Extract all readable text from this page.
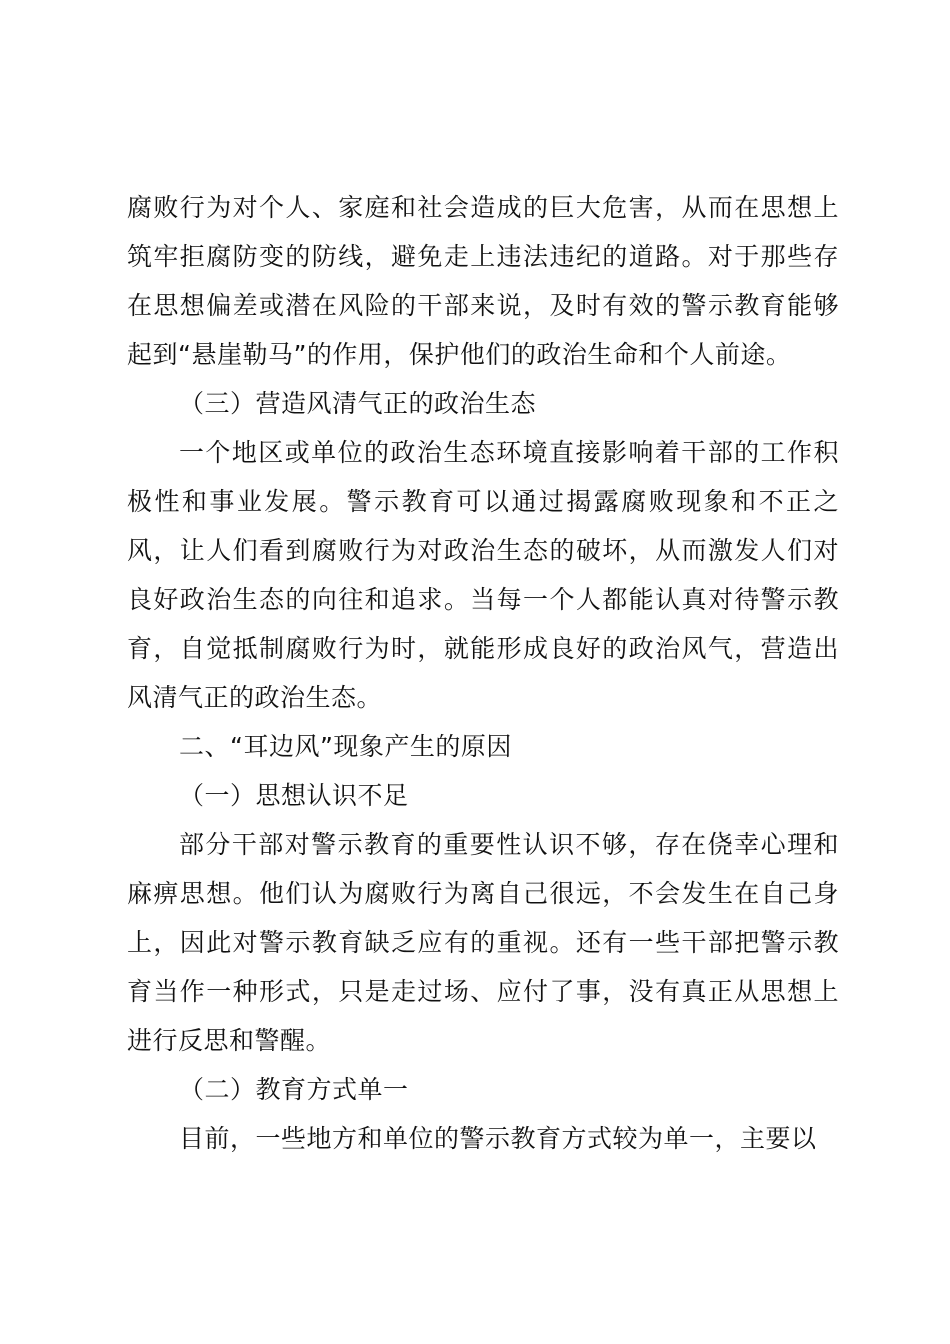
腐败行为对个人、家庭和社会造成的巨大危害，从而在思想上筑牢拒腐防变的防线，避免走上违法违纪的道路。对于那些存在思想偏差或潜在风险的干部来说，及时有效的警示教育能够起到“悬崖勒马”的作用，保护他们的政治生命和个人前途。

（三）营造风清气正的政治生态

一个地区或单位的政治生态环境直接影响着干部的工作积极性和事业发展。警示教育可以通过揭露腐败现象和不正之风，让人们看到腐败行为对政治生态的破坏，从而激发人们对良好政治生态的向往和追求。当每一个人都能认真对待警示教育，自觉抵制腐败行为时，就能形成良好的政治风气，营造出风清气正的政治生态。

二、“耳边风”现象产生的原因

（一）思想认识不足

部分干部对警示教育的重要性认识不够，存在侥幸心理和麻痹思想。他们认为腐败行为离自己很远，不会发生在自己身上，因此对警示教育缺乏应有的重视。还有一些干部把警示教育当作一种形式，只是走过场、应付了事，没有真正从思想上进行反思和警醒。

（二）教育方式单一

目前，一些地方和单位的警示教育方式较为单一，主要以
